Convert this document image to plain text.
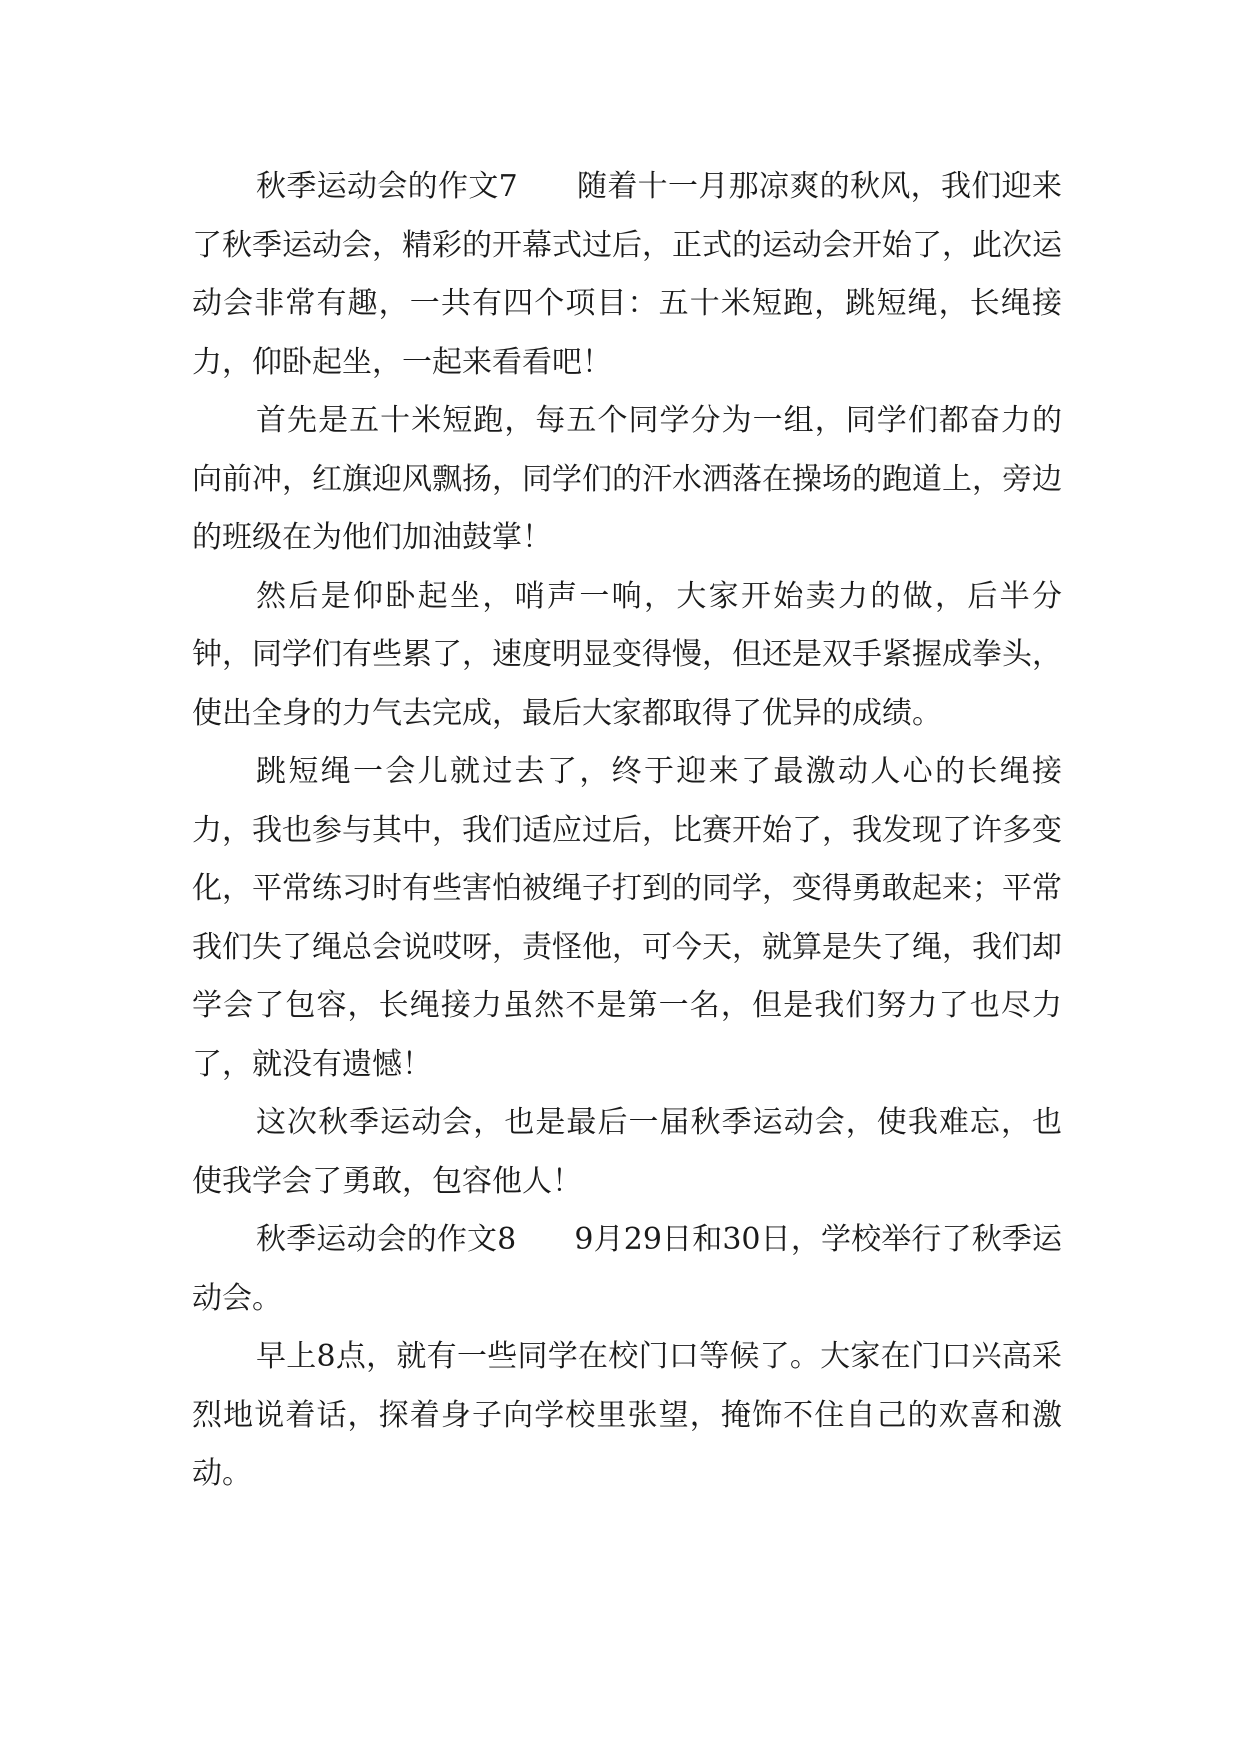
秋季运动会的作文7      随着十一月那凉爽的秋风，我们迎来了秋季运动会，精彩的开幕式过后，正式的运动会开始了，此次运动会非常有趣，一共有四个项目：五十米短跑，跳短绳，长绳接力，仰卧起坐，一起来看看吧！

首先是五十米短跑，每五个同学分为一组，同学们都奋力的向前冲，红旗迎风飘扬，同学们的汗水洒落在操场的跑道上，旁边的班级在为他们加油鼓掌！

然后是仰卧起坐，哨声一响，大家开始卖力的做，后半分钟，同学们有些累了，速度明显变得慢，但还是双手紧握成拳头，使出全身的力气去完成，最后大家都取得了优异的成绩。

跳短绳一会儿就过去了，终于迎来了最激动人心的长绳接力，我也参与其中，我们适应过后，比赛开始了，我发现了许多变化，平常练习时有些害怕被绳子打到的同学，变得勇敢起来；平常我们失了绳总会说哎呀，责怪他，可今天，就算是失了绳，我们却学会了包容，长绳接力虽然不是第一名，但是我们努力了也尽力了，就没有遗憾！

这次秋季运动会，也是最后一届秋季运动会，使我难忘，也使我学会了勇敢，包容他人！

秋季运动会的作文8      9月29日和30日，学校举行了秋季运动会。

早上8点，就有一些同学在校门口等候了。大家在门口兴高采烈地说着话，探着身子向学校里张望，掩饰不住自己的欢喜和激动。
